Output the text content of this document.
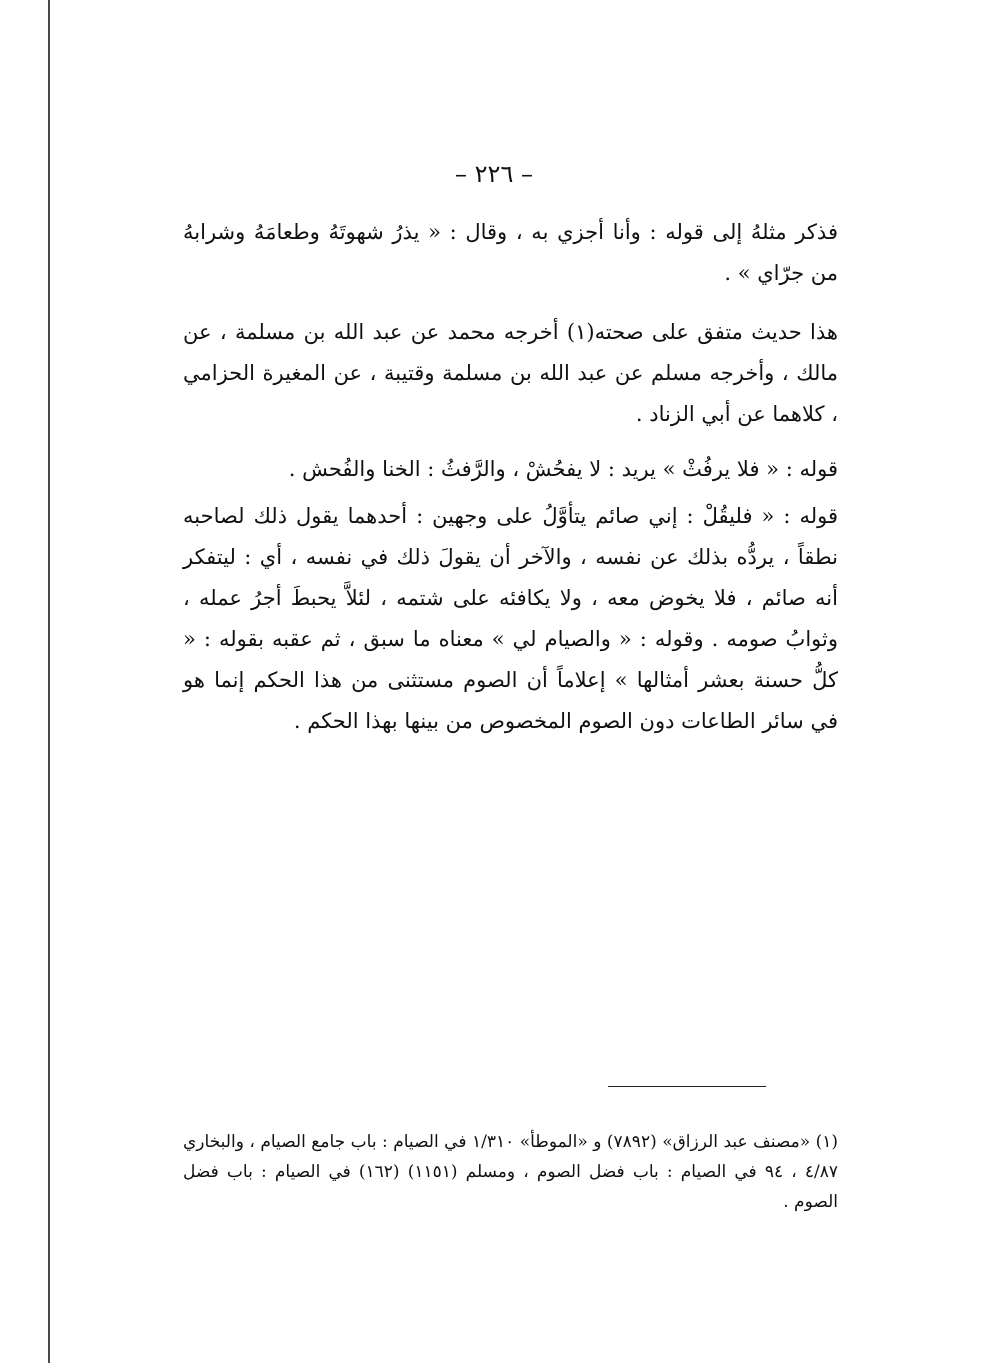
– ٢٢٦ –

فذكر مثلهُ إلى قوله : وأنا أجزي به ، وقال : « يذرُ شهوتَهُ وطعامَهُ وشرابهُ من جرّاي » .

هذا حديث متفق على صحته(١) أخرجه محمد عن عبد الله بن مسلمة ، عن مالك ، وأخرجه مسلم عن عبد الله بن مسلمة وقتيبة ، عن المغيرة الحزامي ، كلاهما عن أبي الزناد .

قوله : « فلا يرفُثْ » يريد : لا يفحُشْ ، والرَّفثُ : الخنا والفُحش .

قوله : « فليقُلْ : إني صائم يتأوَّلُ على وجهين : أحدهما يقول ذلك لصاحبه نطقاً ، يردُّه بذلك عن نفسه ، والآخر أن يقولَ ذلك في نفسه ، أي : ليتفكر أنه صائم ، فلا يخوض معه ، ولا يكافئه على شتمه ، لئلاَّ يحبطَ أجرُ عمله ، وثوابُ صومه . وقوله : « والصيام لي » معناه ما سبق ، ثم عقبه بقوله : « كلُّ حسنة بعشر أمثالها » إعلاماً أن الصوم مستثنى من هذا الحكم إنما هو في سائر الطاعات دون الصوم المخصوص من بينها بهذا الحكم .

(١) «مصنف عبد الرزاق» (٧٨٩٢) و «الموطأ» ١/٣١٠ في الصيام : باب جامع الصيام ، والبخاري ٤/٨٧ ، ٩٤ في الصيام : باب فضل الصوم ، ومسلم (١١٥١) (١٦٢) في الصيام : باب فضل الصوم .
